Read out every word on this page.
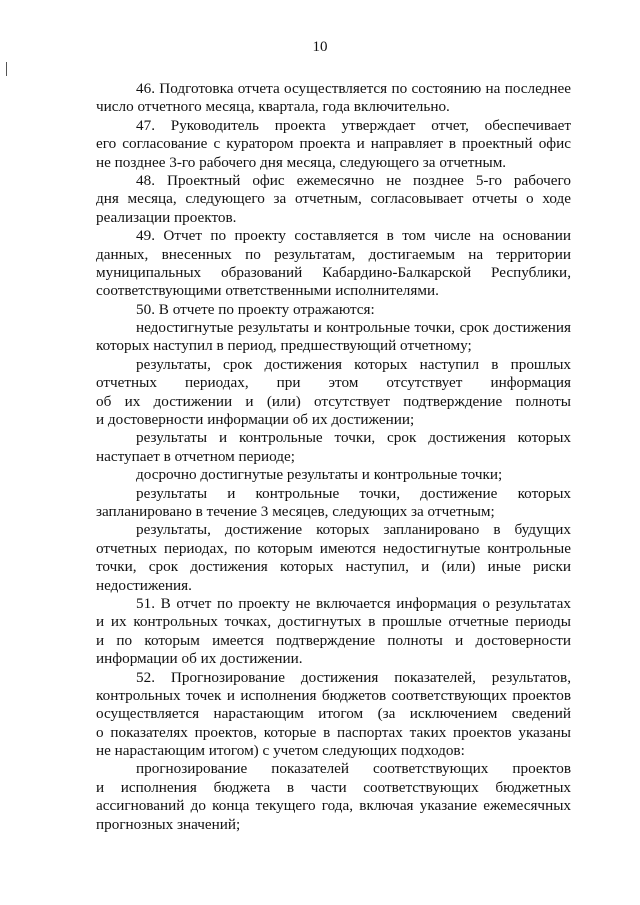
10
46. Подготовка отчета осуществляется по состоянию на последнее
число отчетного месяца, квартала, года включительно.
47. Руководитель проекта утверждает отчет, обеспечивает
его согласование с куратором проекта и направляет в проектный офис
не позднее 3-го рабочего дня месяца, следующего за отчетным.
48. Проектный офис ежемесячно не позднее 5-го рабочего
дня месяца, следующего за отчетным, согласовывает отчеты о ходе
реализации проектов.
49. Отчет по проекту составляется в том числе на основании
данных, внесенных по результатам, достигаемым на территории
муниципальных образований Кабардино-Балкарской Республики,
соответствующими ответственными исполнителями.
50. В отчете по проекту отражаются:
недостигнутые результаты и контрольные точки, срок достижения
которых наступил в период, предшествующий отчетному;
результаты, срок достижения которых наступил в прошлых
отчетных периодах, при этом отсутствует информация
об их достижении и (или) отсутствует подтверждение полноты
и достоверности информации об их достижении;
результаты и контрольные точки, срок достижения которых
наступает в отчетном периоде;
досрочно достигнутые результаты и контрольные точки;
результаты и контрольные точки, достижение которых
запланировано в течение 3 месяцев, следующих за отчетным;
результаты, достижение которых запланировано в будущих
отчетных периодах, по которым имеются недостигнутые контрольные
точки, срок достижения которых наступил, и (или) иные риски
недостижения.
51. В отчет по проекту не включается информация о результатах
и их контрольных точках, достигнутых в прошлые отчетные периоды
и по которым имеется подтверждение полноты и достоверности
информации об их достижении.
52. Прогнозирование достижения показателей, результатов,
контрольных точек и исполнения бюджетов соответствующих проектов
осуществляется нарастающим итогом (за исключением сведений
о показателях проектов, которые в паспортах таких проектов указаны
не нарастающим итогом) с учетом следующих подходов:
прогнозирование показателей соответствующих проектов
и исполнения бюджета в части соответствующих бюджетных
ассигнований до конца текущего года, включая указание ежемесячных
прогнозных значений;
